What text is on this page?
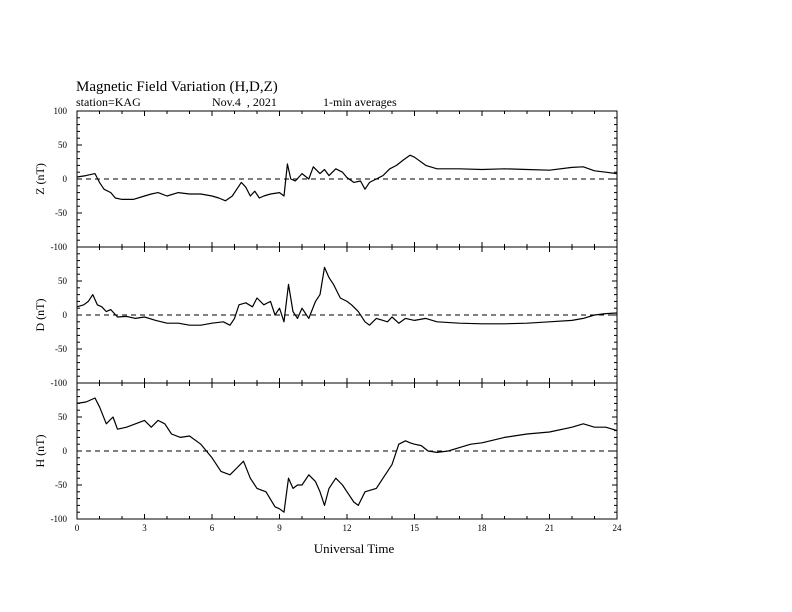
Magnetic Field Variation (H,D,Z)
station=KAG	Nov.4  , 2021	1-min averages
-100
-50
0
50
100
Z (nT)
-100
-50
0
50
D (nT)
-100
-50
0
50
H (nT)
0	3	6	9	12	15	18	21	24
Universal Time
